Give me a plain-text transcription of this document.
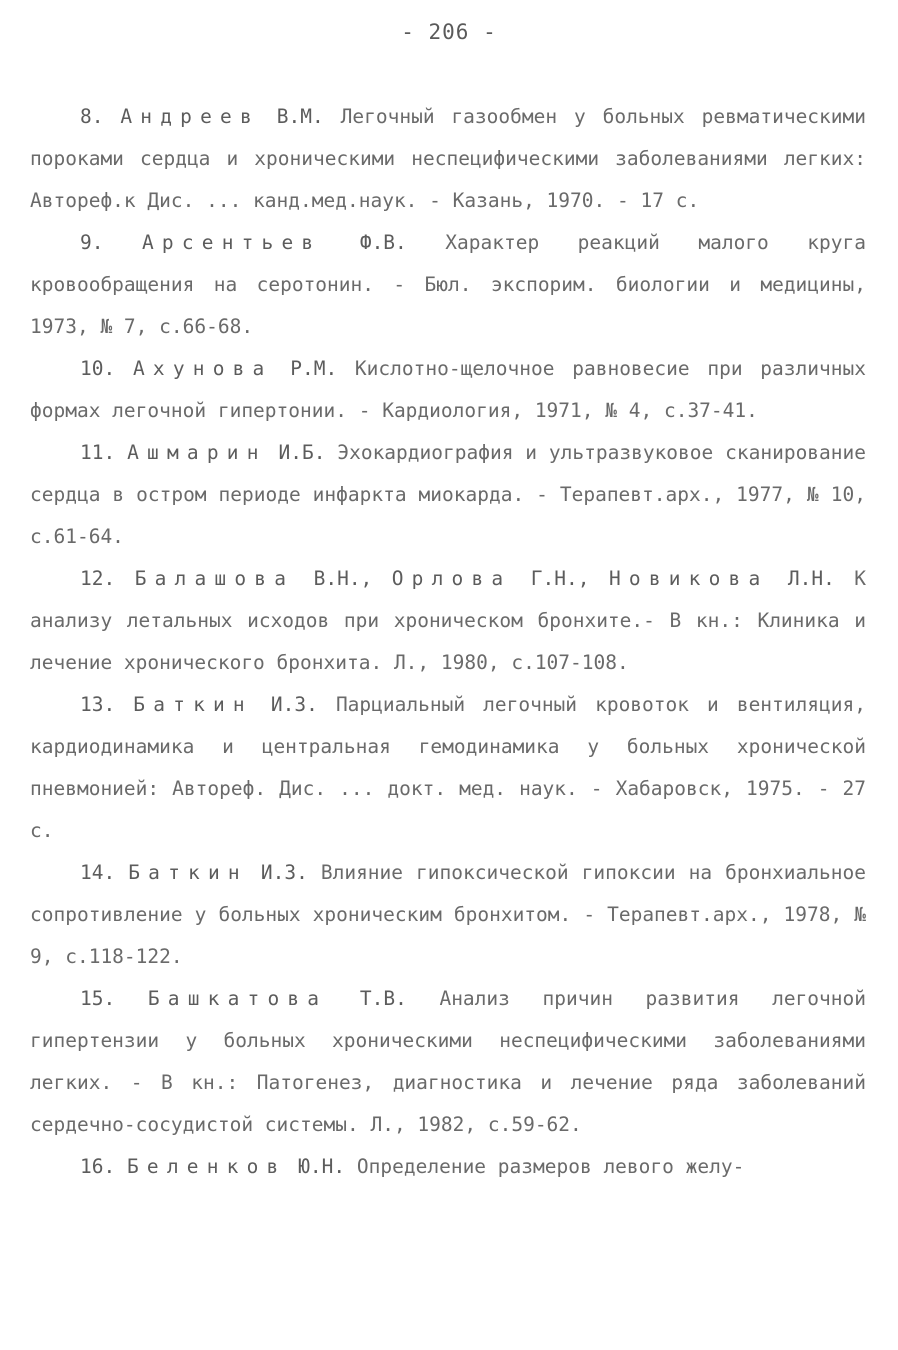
- 206 -

8. Андреев В.М. Легочный газообмен у больных ревматическими пороками сердца и хроническими неспецифическими заболеваниями легких: Автореф.к Дис. ... канд.мед.наук. - Казань, 1970. - 17 с.

9. Арсентьев Ф.В. Характер реакций малого круга кровообращения на серотонин. - Бюл. экспорим. биологии и медицины, 1973, № 7, с.66-68.

10. Ахунова Р.М. Кислотно-щелочное равновесие при различных формах легочной гипертонии. - Кардиология, 1971, № 4, с.37-41.

11. Ашмарин И.Б. Эхокардиография и ультразвуковое сканирование сердца в остром периоде инфаркта миокарда. - Терапевт.арх., 1977, № 10, с.61-64.

12. Балашова В.Н., Орлова Г.Н., Новикова Л.Н. К анализу летальных исходов при хроническом бронхите.- В кн.: Клиника и лечение хронического бронхита. Л., 1980, с.107-108.

13. Баткин И.З. Парциальный легочный кровоток и вентиляция, кардиодинамика и центральная гемодинамика у больных хронической пневмонией: Автореф. Дис. ... докт. мед. наук. - Хабаровск, 1975. - 27 с.

14. Баткин И.З. Влияние гипоксической гипоксии на бронхиальное сопротивление у больных хроническим бронхитом. - Терапевт.арх., 1978, № 9, с.118-122.

15. Башкатова Т.В. Анализ причин развития легочной гипертензии у больных хроническими неспецифическими заболеваниями легких. - В кн.: Патогенез, диагностика и лечение ряда заболеваний сердечно-сосудистой системы. Л., 1982, с.59-62.

16. Беленков Ю.Н. Определение размеров левого желу-
